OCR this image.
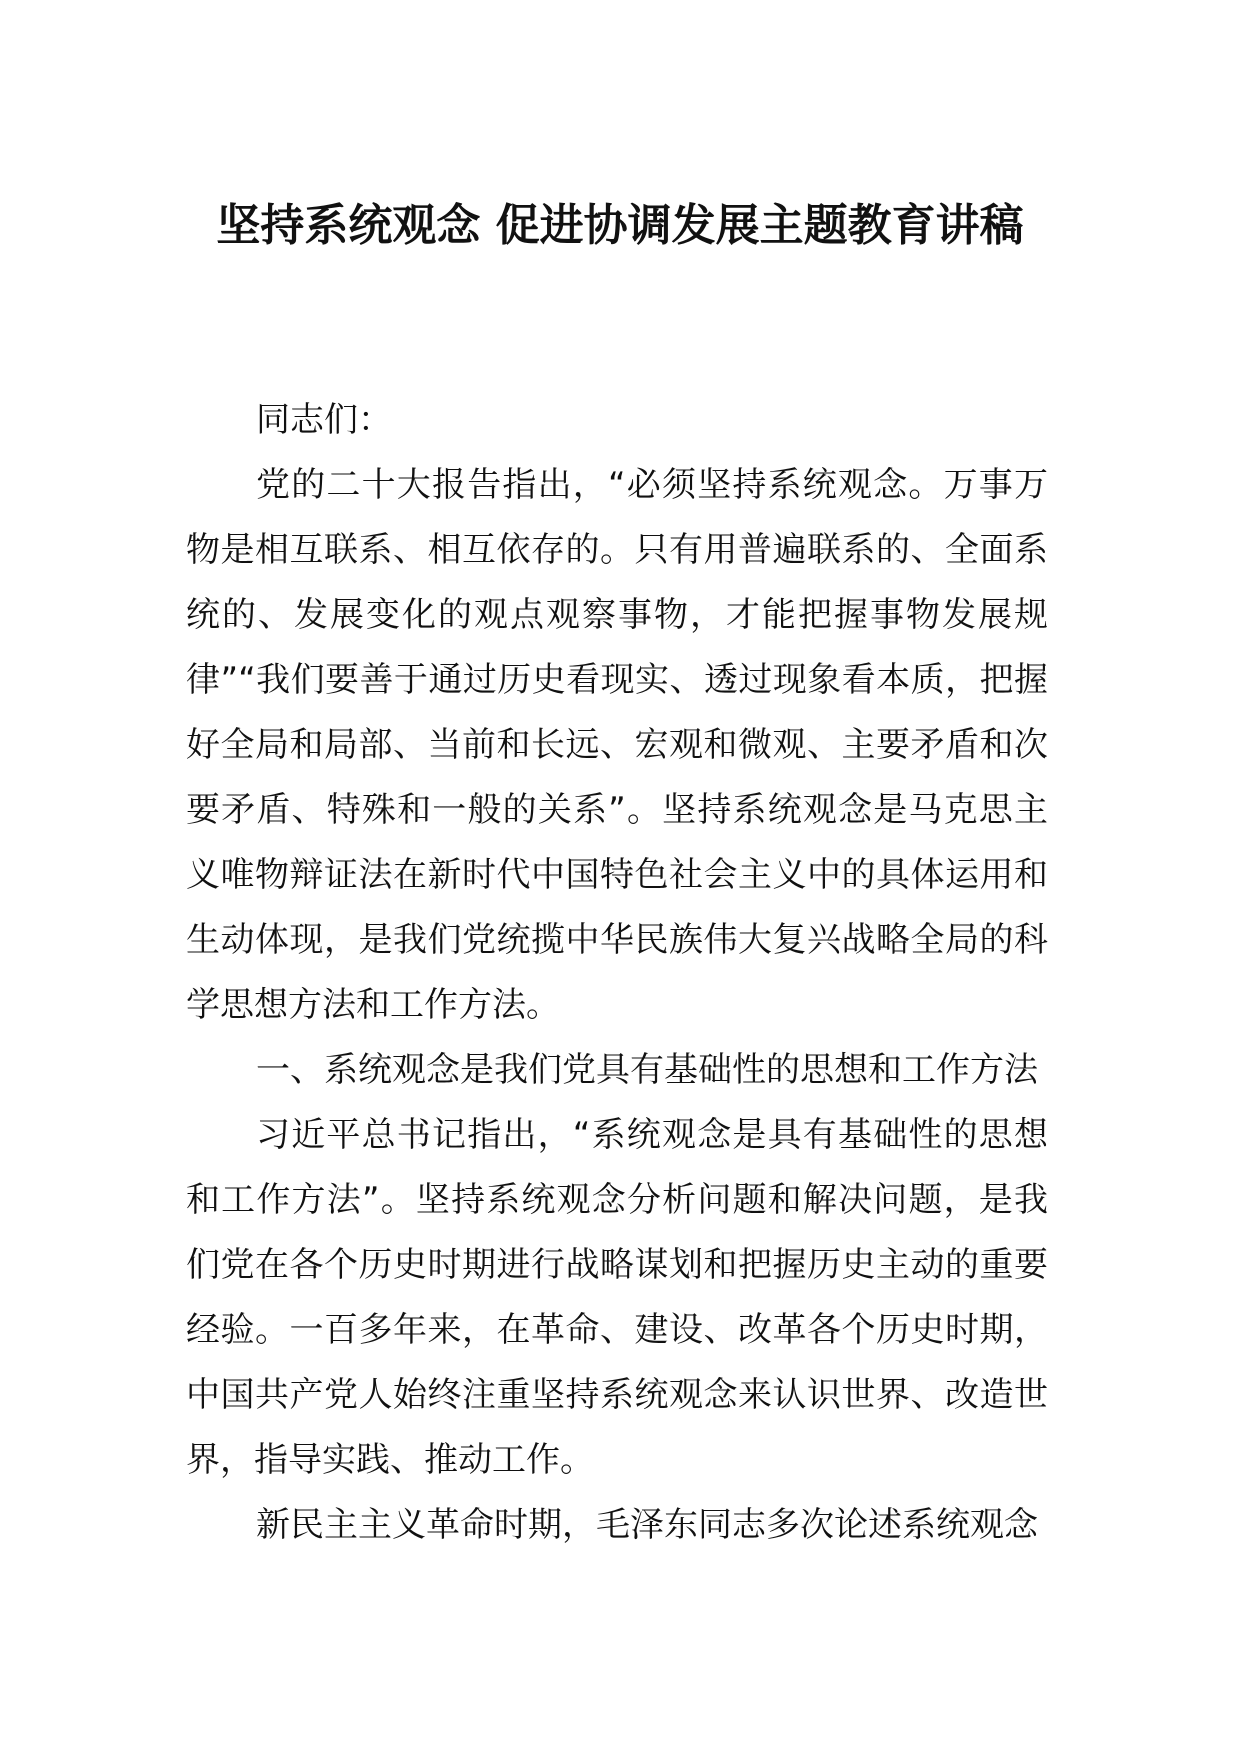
坚持系统观念 促进协调发展主题教育讲稿

同志们：

党的二十大报告指出，“必须坚持系统观念。万事万物是相互联系、相互依存的。只有用普遍联系的、全面系统的、发展变化的观点观察事物，才能把握事物发展规律”“我们要善于通过历史看现实、透过现象看本质，把握好全局和局部、当前和长远、宏观和微观、主要矛盾和次要矛盾、特殊和一般的关系”。坚持系统观念是马克思主义唯物辩证法在新时代中国特色社会主义中的具体运用和生动体现，是我们党统揽中华民族伟大复兴战略全局的科学思想方法和工作方法。

一、系统观念是我们党具有基础性的思想和工作方法

习近平总书记指出，“系统观念是具有基础性的思想和工作方法”。坚持系统观念分析问题和解决问题，是我们党在各个历史时期进行战略谋划和把握历史主动的重要经验。一百多年来，在革命、建设、改革各个历史时期，中国共产党人始终注重坚持系统观念来认识世界、改造世界，指导实践、推动工作。

新民主主义革命时期，毛泽东同志多次论述系统观念
